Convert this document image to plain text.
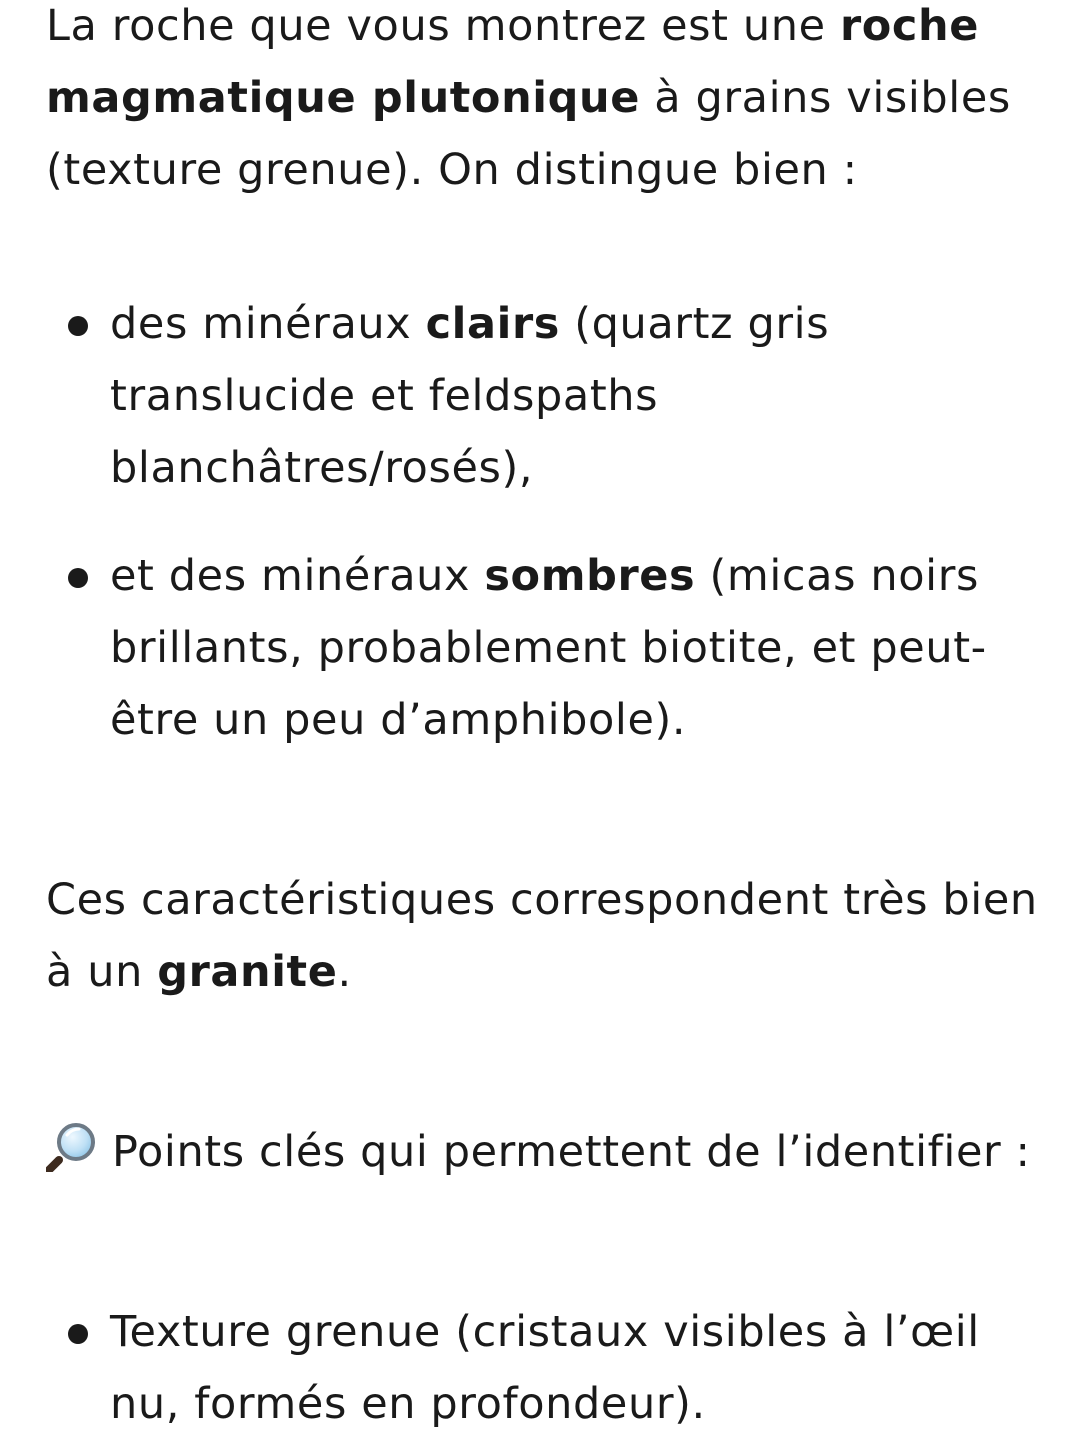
La roche que vous montrez est une roche magmatique plutonique à grains visibles (texture grenue). On distingue bien :

des minéraux clairs (quartz gris translucide et feldspaths blanchâtres/rosés),
et des minéraux sombres (micas noirs brillants, probablement biotite, et peut-être un peu d’amphibole).

Ces caractéristiques correspondent très bien à un granite.

Points clés qui permettent de l’identifier :

Texture grenue (cristaux visibles à l’œil nu, formés en profondeur).
